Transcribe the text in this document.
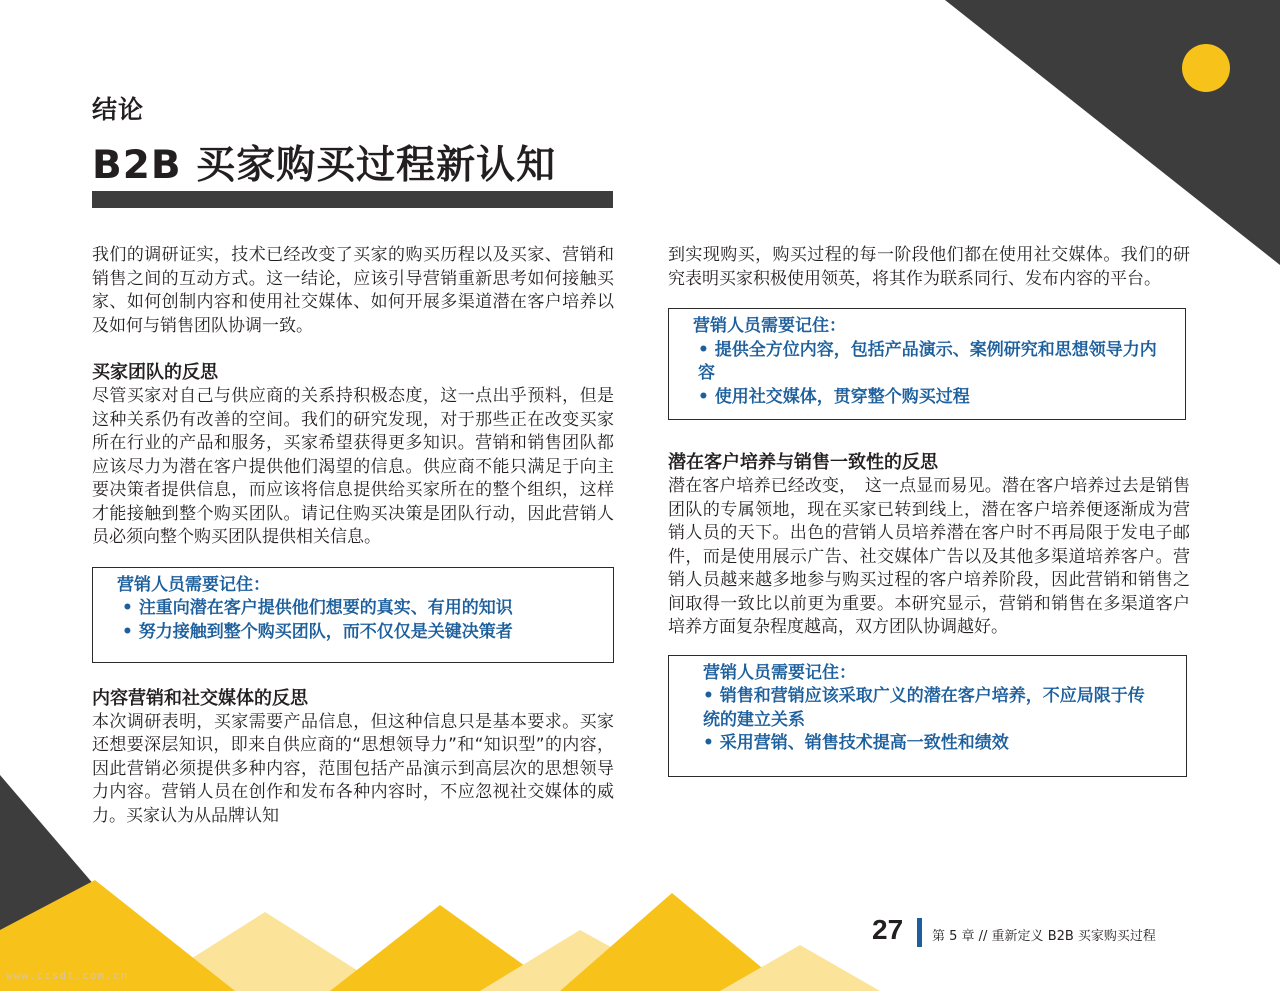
结论
B2B 买家购买过程新认知

我们的调研证实，技术已经改变了买家的购买历程以及买家、营销和销售之间的互动方式。这一结论，应该引导营销重新思考如何接触买家、如何创制内容和使用社交媒体、如何开展多渠道潜在客户培养以及如何与销售团队协调一致。

买家团队的反思

尽管买家对自己与供应商的关系持积极态度，这一点出乎预料，但是这种关系仍有改善的空间。我们的研究发现，对于那些正在改变买家所在行业的产品和服务，买家希望获得更多知识。营销和销售团队都应该尽力为潜在客户提供他们渴望的信息。供应商不能只满足于向主要决策者提供信息，而应该将信息提供给买家所在的整个组织，这样才能接触到整个购买团队。请记住购买决策是团队行动，因此营销人员必须向整个购买团队提供相关信息。

营销人员需要记住：
• 注重向潜在客户提供他们想要的真实、有用的知识
• 努力接触到整个购买团队，而不仅仅是关键决策者
内容营销和社交媒体的反思

本次调研表明，买家需要产品信息，但这种信息只是基本要求。买家还想要深层知识，即来自供应商的“思想领导力”和“知识型”的内容，因此营销必须提供多种内容，范围包括产品演示到高层次的思想领导力内容。营销人员在创作和发布各种内容时，不应忽视社交媒体的威力。买家认为从品牌认知

到实现购买，购买过程的每一阶段他们都在使用社交媒体。我们的研究表明买家积极使用领英，将其作为联系同行、发布内容的平台。

营销人员需要记住：
• 提供全方位内容，包括产品演示、案例研究和思想领导力内容
• 使用社交媒体，贯穿整个购买过程
潜在客户培养与销售一致性的反思

潜在客户培养已经改变，　这一点显而易见。潜在客户培养过去是销售团队的专属领地，现在买家已转到线上，潜在客户培养便逐渐成为营销人员的天下。出色的营销人员培养潜在客户时不再局限于发电子邮件，而是使用展示广告、社交媒体广告以及其他多渠道培养客户。营销人员越来越多地参与购买过程的客户培养阶段，因此营销和销售之间取得一致比以前更为重要。本研究显示，营销和销售在多渠道客户培养方面复杂程度越高，双方团队协调越好。

营销人员需要记住：
• 销售和营销应该采取广义的潜在客户培养，不应局限于传统的建立关系
• 采用营销、销售技术提高一致性和绩效
27 第 5 章 // 重新定义 B2B 买家购买过程
www.ccsdt.com.cn
